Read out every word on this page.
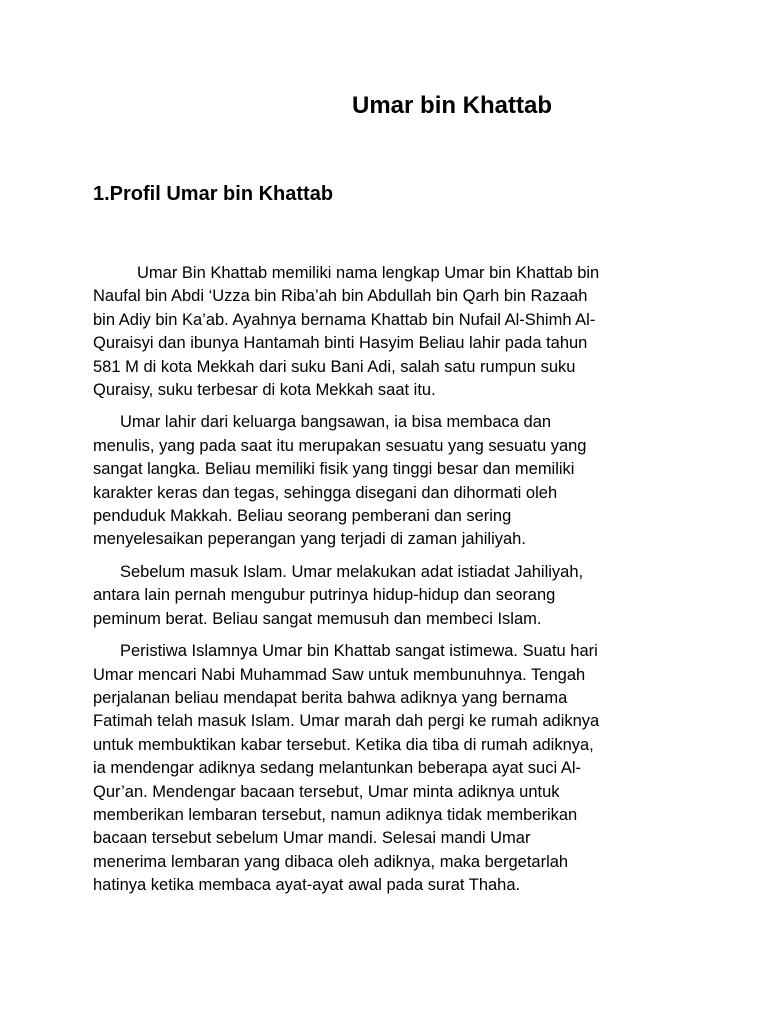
Umar bin Khattab
1.Profil Umar bin Khattab

Umar Bin Khattab memiliki nama lengkap Umar bin Khattab bin
Naufal bin Abdi ‘Uzza bin Riba’ah bin Abdullah bin Qarh bin Razaah
bin Adiy bin Ka’ab. Ayahnya bernama Khattab bin Nufail Al-Shimh Al-
Quraisyi dan ibunya Hantamah binti Hasyim Beliau lahir pada tahun
581 M di kota Mekkah dari suku Bani Adi, salah satu rumpun suku
Quraisy, suku terbesar di kota Mekkah saat itu.

Umar lahir dari keluarga bangsawan, ia bisa membaca dan
menulis, yang pada saat itu merupakan sesuatu yang sesuatu yang
sangat langka. Beliau memiliki fisik yang tinggi besar dan memiliki
karakter keras dan tegas, sehingga disegani dan dihormati oleh
penduduk Makkah. Beliau seorang pemberani dan sering
menyelesaikan peperangan yang terjadi di zaman jahiliyah.

Sebelum masuk Islam. Umar melakukan adat istiadat Jahiliyah,
antara lain pernah mengubur putrinya hidup-hidup dan seorang
peminum berat. Beliau sangat memusuh dan membeci Islam.

Peristiwa Islamnya Umar bin Khattab sangat istimewa. Suatu hari
Umar mencari Nabi Muhammad Saw untuk membunuhnya. Tengah
perjalanan beliau mendapat berita bahwa adiknya yang bernama
Fatimah telah masuk Islam. Umar marah dah pergi ke rumah adiknya
untuk membuktikan kabar tersebut. Ketika dia tiba di rumah adiknya,
ia mendengar adiknya sedang melantunkan beberapa ayat suci Al-
Qur’an. Mendengar bacaan tersebut, Umar minta adiknya untuk
memberikan lembaran tersebut, namun adiknya tidak memberikan
bacaan tersebut sebelum Umar mandi. Selesai mandi Umar
menerima lembaran yang dibaca oleh adiknya, maka bergetarlah
hatinya ketika membaca ayat-ayat awal pada surat Thaha.
